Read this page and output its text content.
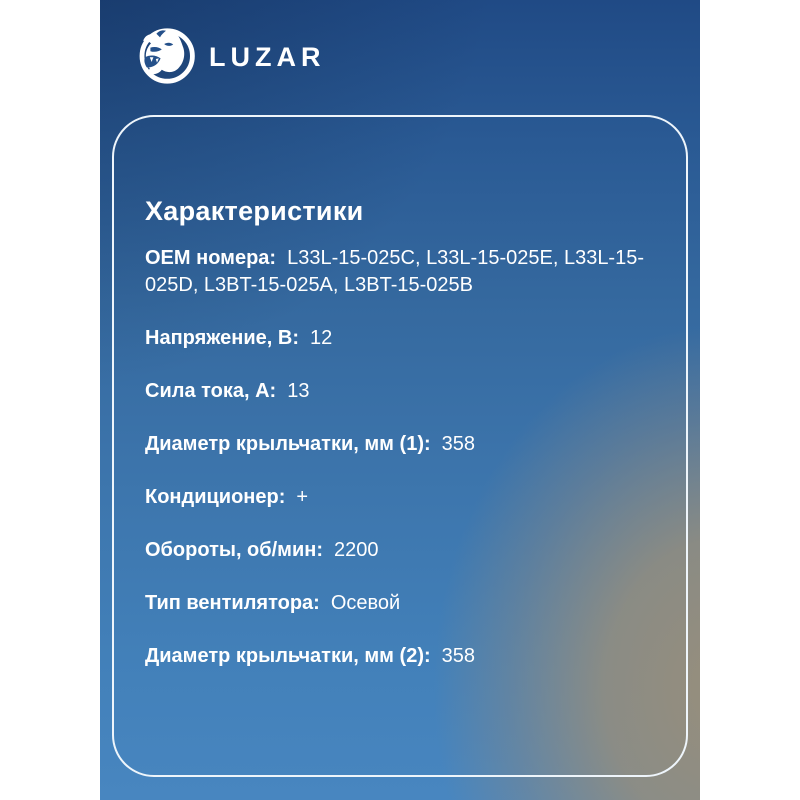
LUZAR
Характеристики
OEM номера: L33L-15-025C, L33L-15-025E, L33L-15-025D, L3BT-15-025A, L3BT-15-025B
Напряжение, В: 12
Сила тока, А: 13
Диаметр крыльчатки, мм (1): 358
Кондиционер: +
Обороты, об/мин: 2200
Тип вентилятора: Осевой
Диаметр крыльчатки, мм (2): 358
